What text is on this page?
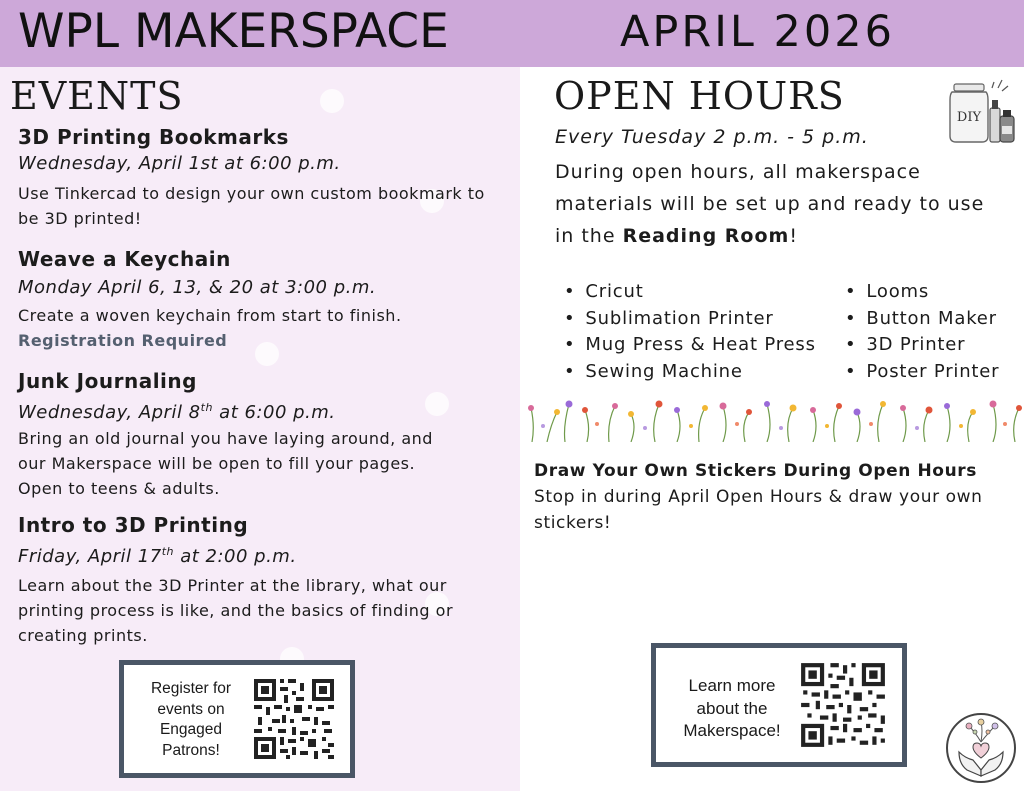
WPL MAKERSPACE	APRIL 2026
EVENTS
3D Printing Bookmarks
Wednesday, April 1st at 6:00 p.m.
Use Tinkercad to design your own custom bookmark to be 3D printed!
Weave a Keychain
Monday April 6, 13, & 20 at 3:00 p.m.
Create a woven keychain from start to finish.
Registration Required
Junk Journaling
Wednesday, April 8th at 6:00 p.m.
Bring an old journal you have laying around, and our Makerspace will be open to fill your pages. Open to teens & adults.
Intro to 3D Printing
Friday, April 17th at 2:00 p.m.
Learn about the 3D Printer at the library, what our printing process is like, and the basics of finding or creating prints.
Register for
events on
Engaged
Patrons!
OPEN HOURS	DIY
Every Tuesday 2 p.m. - 5 p.m.
During open hours, all makerspace materials will be set up and ready to use in the Reading Room!
• Cricut
• Sublimation Printer
• Mug Press & Heat Press
• Sewing Machine
• Looms
• Button Maker
• 3D Printer
• Poster Printer
Draw Your Own Stickers During Open Hours
Stop in during April Open Hours & draw your own stickers!
Learn more
about the
Makerspace!
